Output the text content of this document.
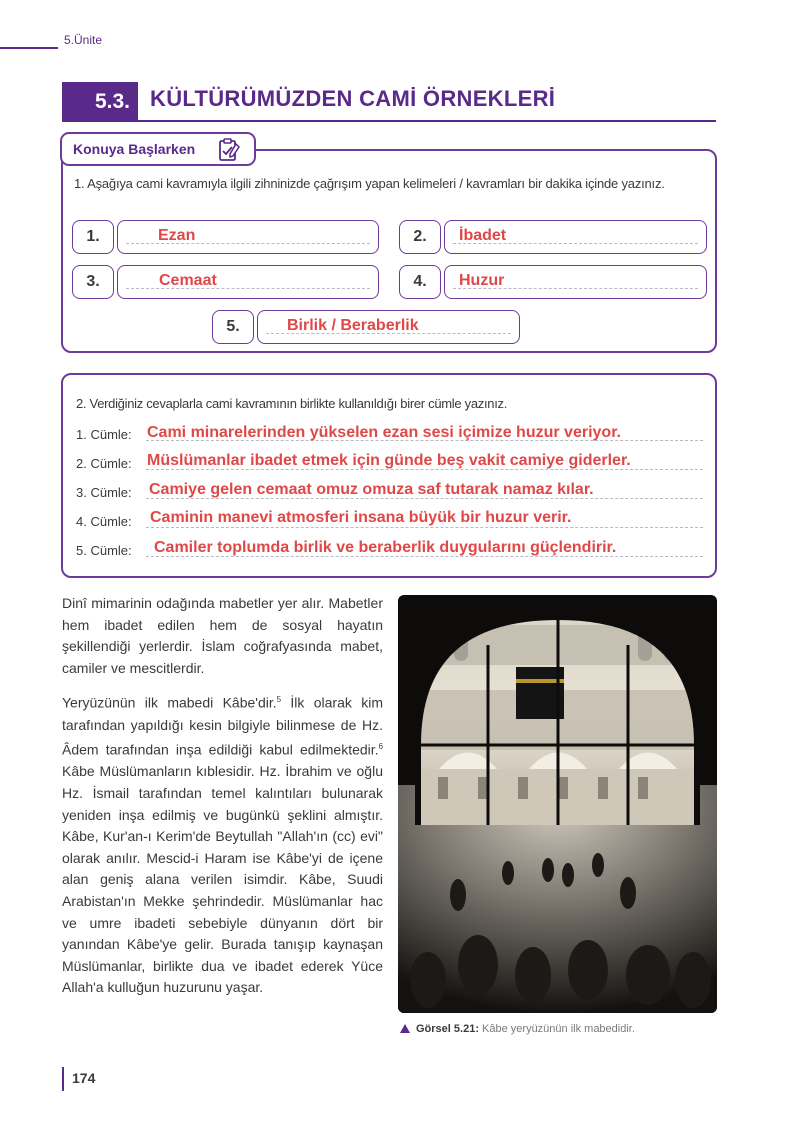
5.Ünite
5.3. KÜLTÜRÜMÜZDEN CAMİ ÖRNEKLERİ
Konuya Başlarken
1. Aşağıya cami kavramıyla ilgili zihninizde çağrışım yapan kelimeleri / kavramları bir dakika içinde yazınız.
1.	Ezan	2.	İbadet
3.	Cemaat	4.	Huzur
5.	Birlik / Beraberlik
2. Verdiğiniz cevaplarla cami kavramının birlikte kullanıldığı birer cümle yazınız.
1. Cümle: Cami minarelerinden yükselen ezan sesi içimize huzur veriyor.
2. Cümle: Müslümanlar ibadet etmek için günde beş vakit camiye giderler.
3. Cümle: Camiye gelen cemaat omuz omuza saf tutarak namaz kılar.
4. Cümle: Caminin manevi atmosferi insana büyük bir huzur verir.
5. Cümle: Camiler toplumda birlik ve beraberlik duygularını güçlendirir.

Dinî mimarinin odağında mabetler yer alır. Mabetler hem ibadet edilen hem de sosyal hayatın şekillendiği yerlerdir. İslam coğrafyasında mabet, camiler ve mescitlerdir.

Yeryüzünün ilk mabedi Kâbe'dir.$^5$ İlk olarak kim tarafından yapıldığı kesin bilgiyle bilinmese de Hz. Âdem tarafından inşa edildiği kabul edilmektedir.$^6$ Kâbe Müslümanların kıblesidir. Hz. İbrahim ve oğlu Hz. İsmail tarafından temel kalıntıları bulunarak yeniden inşa edilmiş ve bugünkü şeklini almıştır. Kâbe, Kur'an-ı Kerim'de Beytullah "Allah'ın (cc) evi" olarak anılır. Mescid-i Haram ise Kâbe'yi de içene alan geniş alana verilen isimdir. Kâbe, Suudi Arabistan'ın Mekke şehrindedir. Müslümanlar hac ve umre ibadeti sebebiyle dünyanın dört bir yanından Kâbe'ye gelir. Burada tanışıp kaynaşan Müslümanlar, birlikte dua ve ibadet ederek Yüce Allah'a kulluğun huzurunu yaşar.

Görsel 5.21: Kâbe yeryüzünün ilk mabedidir.
174
